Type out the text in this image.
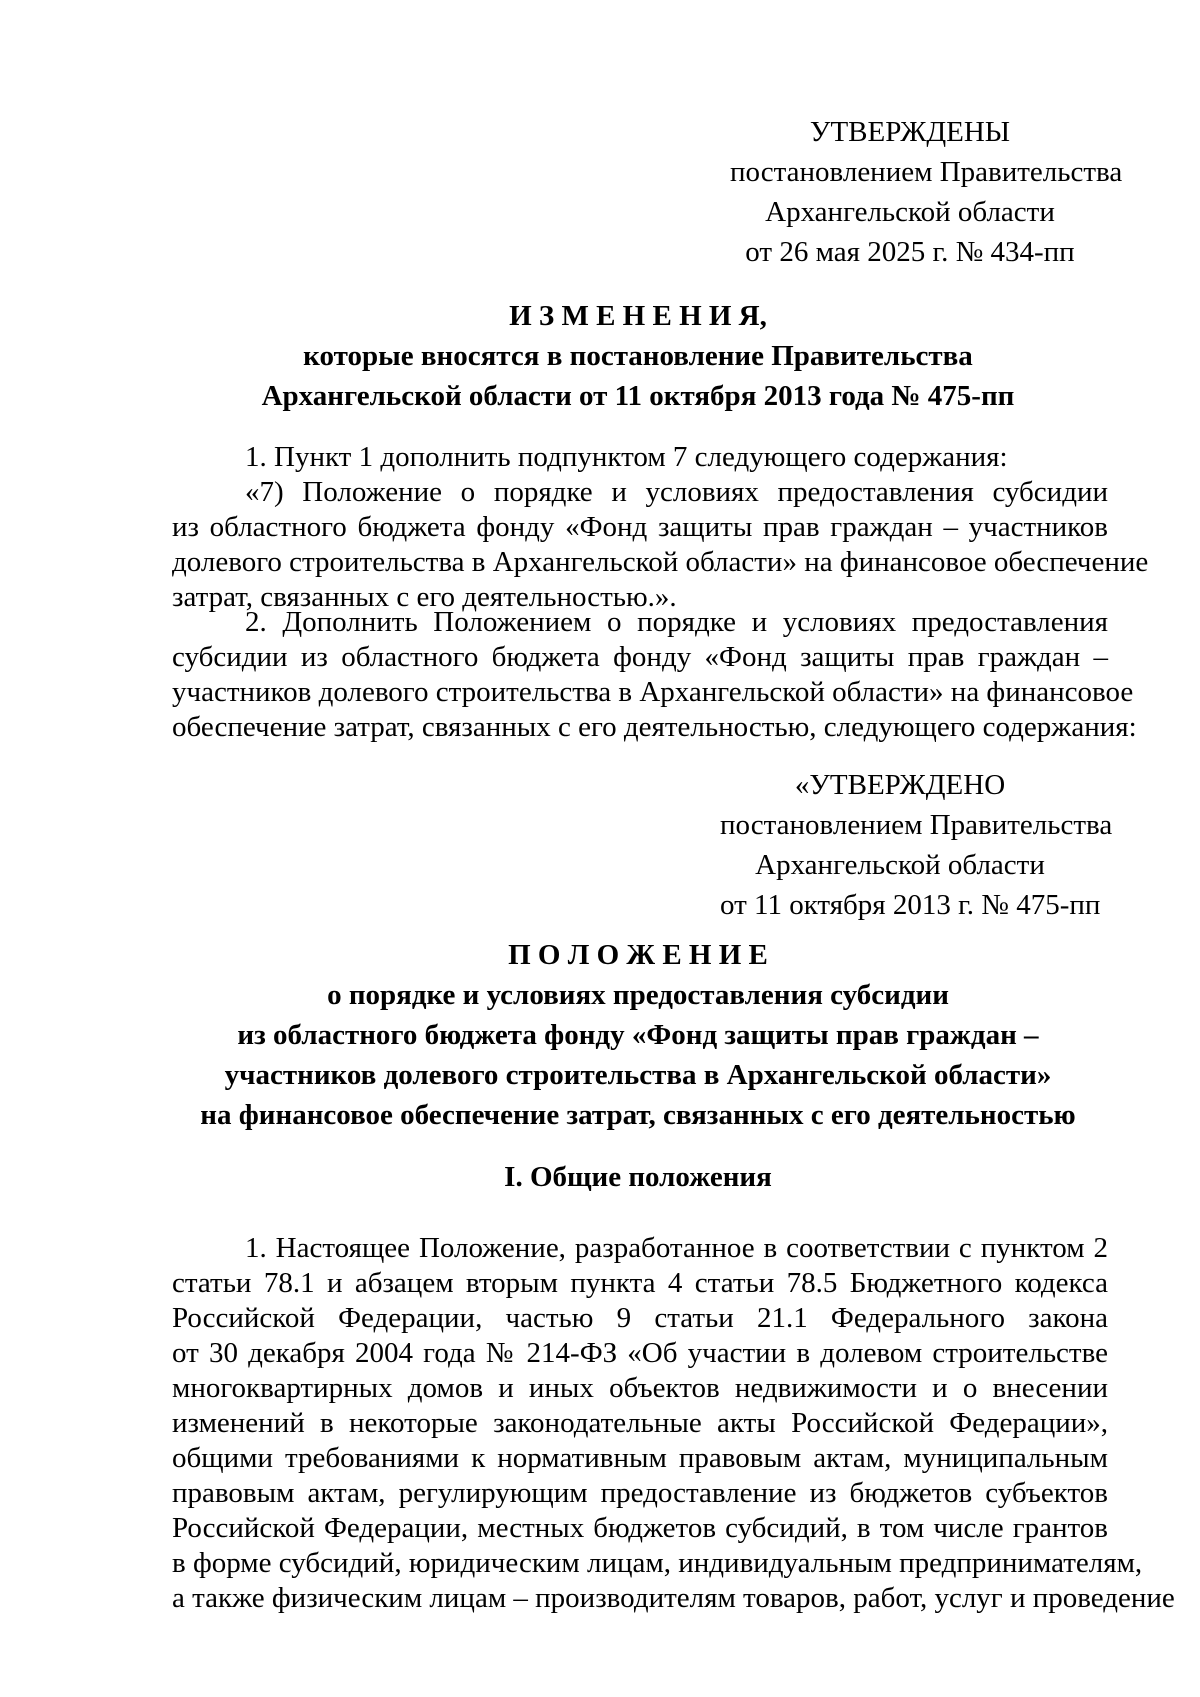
УТВЕРЖДЕНЫ
постановлением Правительства
Архангельской области
от 26 мая 2025 г. № 434-пп
И З М Е Н Е Н И Я,
которые вносятся в постановление Правительства
Архангельской области от 11 октября 2013 года № 475-пп
1. Пункт 1 дополнить подпунктом 7 следующего содержания:
«7) Положение о порядке и условиях предоставления субсидии
из областного бюджета фонду «Фонд защиты прав граждан – участников
долевого строительства в Архангельской области» на финансовое обеспечение
затрат, связанных с его деятельностью.».
2. Дополнить Положением о порядке и условиях предоставления
субсидии из областного бюджета фонду «Фонд защиты прав граждан –
участников долевого строительства в Архангельской области» на финансовое
обеспечение затрат, связанных с его деятельностью, следующего содержания:
«УТВЕРЖДЕНО
постановлением Правительства
Архангельской области
от 11 октября 2013 г. № 475-пп
П О Л О Ж Е Н И Е
о порядке и условиях предоставления субсидии
из областного бюджета фонду «Фонд защиты прав граждан –
участников долевого строительства в Архангельской области»
на финансовое обеспечение затрат, связанных с его деятельностью
I. Общие положения
1. Настоящее Положение, разработанное в соответствии с пунктом 2
статьи 78.1 и абзацем вторым пункта 4 статьи 78.5 Бюджетного кодекса
Российской Федерации, частью 9 статьи 21.1 Федерального закона
от 30 декабря 2004 года № 214-ФЗ «Об участии в долевом строительстве
многоквартирных домов и иных объектов недвижимости и о внесении
изменений в некоторые законодательные акты Российской Федерации»,
общими требованиями к нормативным правовым актам, муниципальным
правовым актам, регулирующим предоставление из бюджетов субъектов
Российской Федерации, местных бюджетов субсидий, в том числе грантов
в форме субсидий, юридическим лицам, индивидуальным предпринимателям,
а также физическим лицам – производителям товаров, работ, услуг и проведение
